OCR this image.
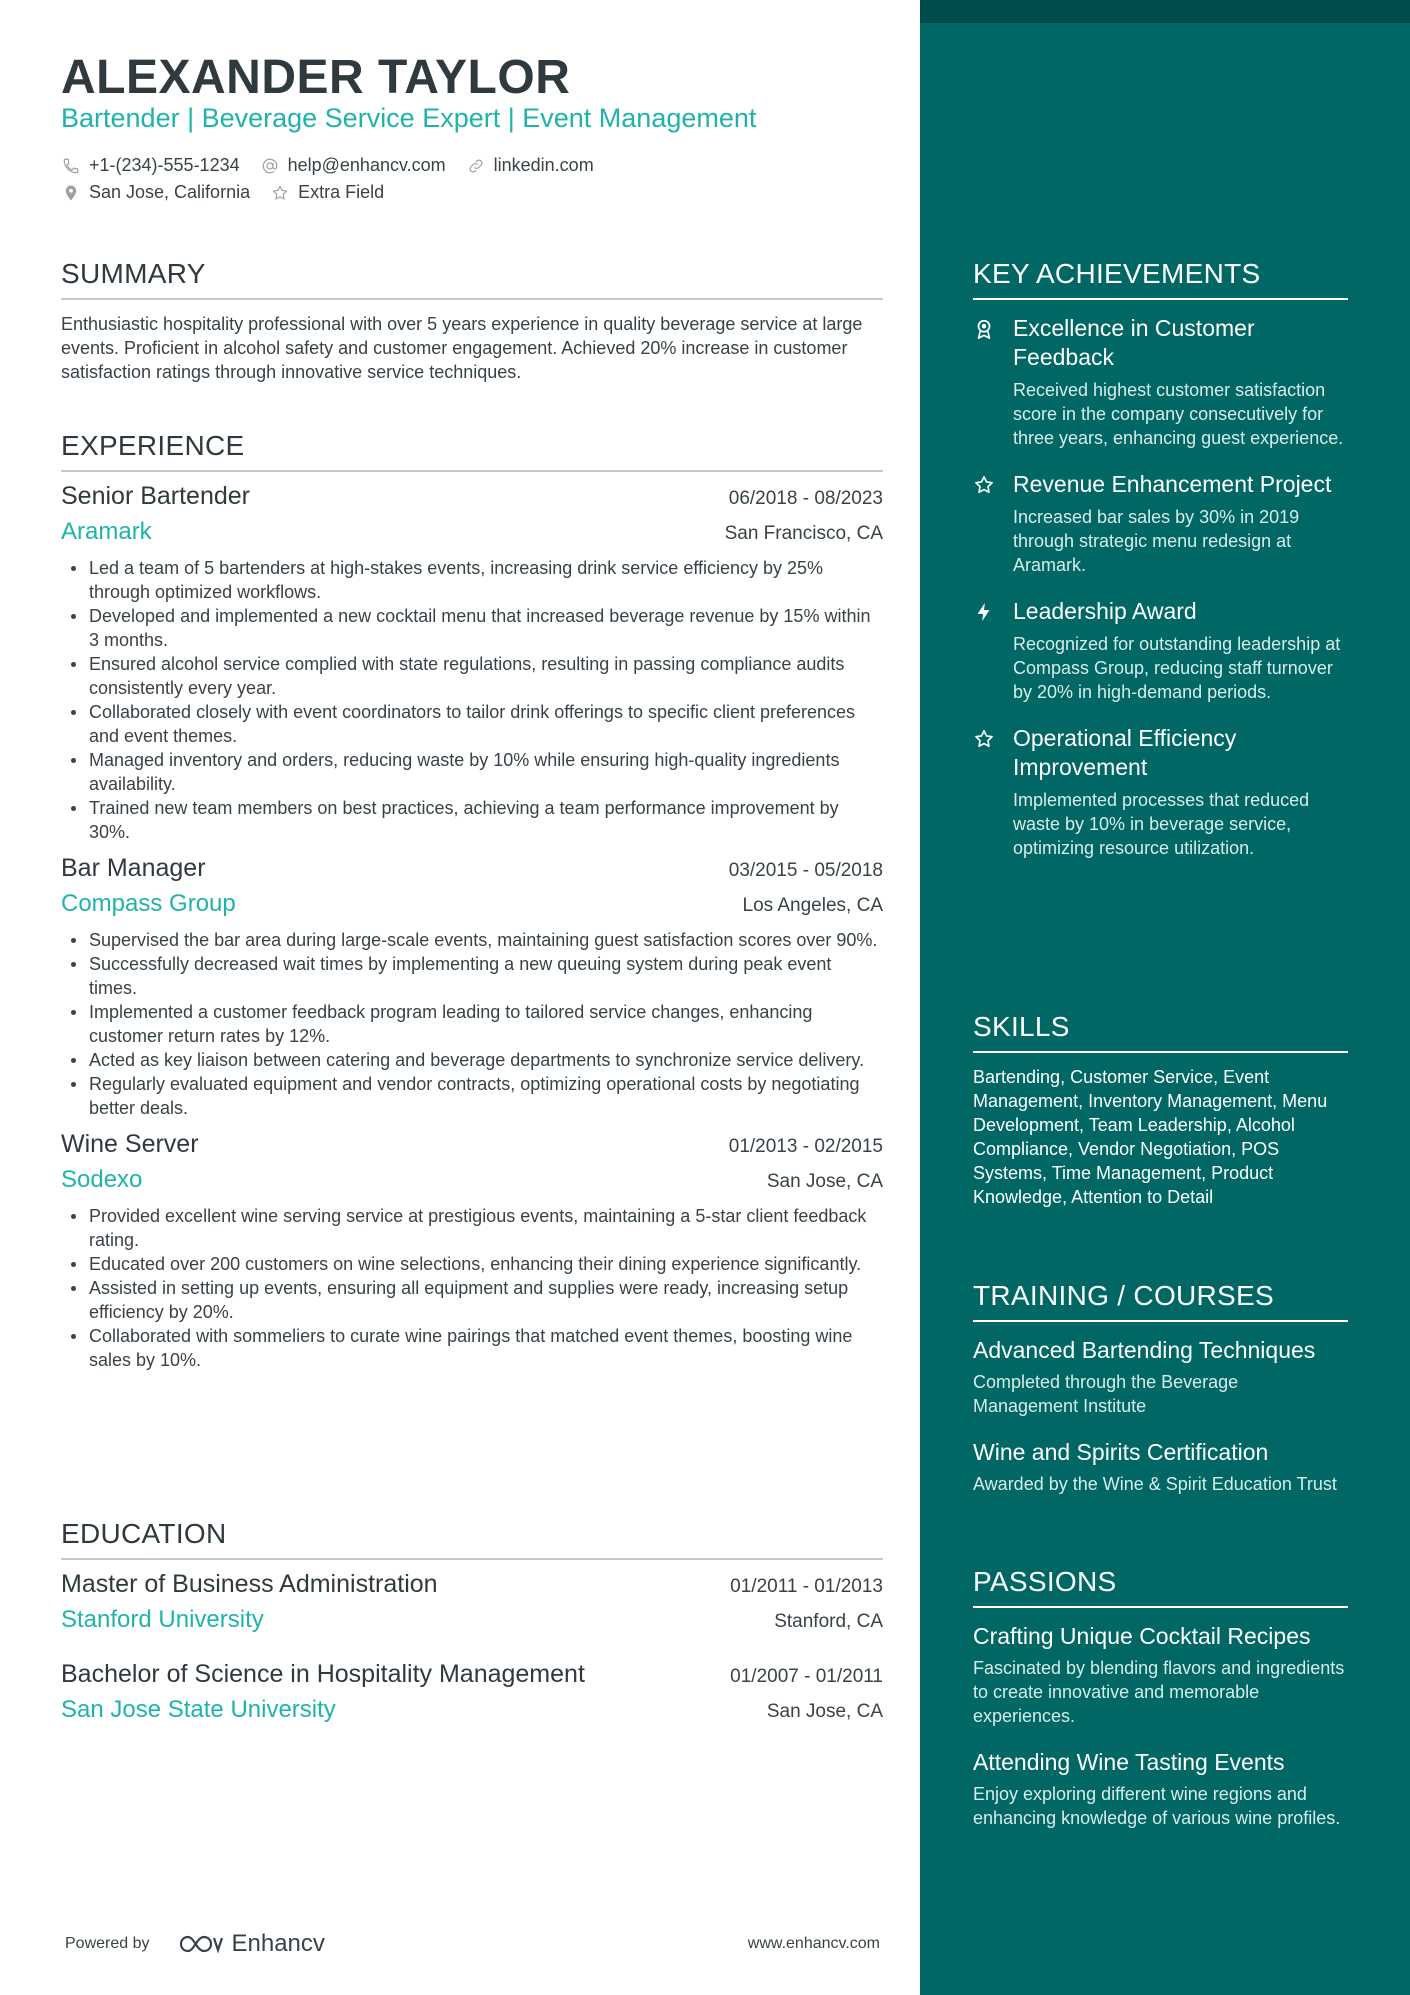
ALEXANDER TAYLOR
Bartender | Beverage Service Expert | Event Management
+1-(234)-555-1234	help@enhancv.com	linkedin.com
San Jose, California	Extra Field
SUMMARY
Enthusiastic hospitality professional with over 5 years experience in quality beverage service at large events. Proficient in alcohol safety and customer engagement. Achieved 20% increase in customer satisfaction ratings through innovative service techniques.
EXPERIENCE
Senior Bartender	06/2018 - 08/2023
Aramark	San Francisco, CA
Led a team of 5 bartenders at high-stakes events, increasing drink service efficiency by 25% through optimized workflows.
Developed and implemented a new cocktail menu that increased beverage revenue by 15% within 3 months.
Ensured alcohol service complied with state regulations, resulting in passing compliance audits consistently every year.
Collaborated closely with event coordinators to tailor drink offerings to specific client preferences and event themes.
Managed inventory and orders, reducing waste by 10% while ensuring high-quality ingredients availability.
Trained new team members on best practices, achieving a team performance improvement by 30%.
Bar Manager	03/2015 - 05/2018
Compass Group	Los Angeles, CA
Supervised the bar area during large-scale events, maintaining guest satisfaction scores over 90%.
Successfully decreased wait times by implementing a new queuing system during peak event times.
Implemented a customer feedback program leading to tailored service changes, enhancing customer return rates by 12%.
Acted as key liaison between catering and beverage departments to synchronize service delivery.
Regularly evaluated equipment and vendor contracts, optimizing operational costs by negotiating better deals.
Wine Server	01/2013 - 02/2015
Sodexo	San Jose, CA
Provided excellent wine serving service at prestigious events, maintaining a 5-star client feedback rating.
Educated over 200 customers on wine selections, enhancing their dining experience significantly.
Assisted in setting up events, ensuring all equipment and supplies were ready, increasing setup efficiency by 20%.
Collaborated with sommeliers to curate wine pairings that matched event themes, boosting wine sales by 10%.
EDUCATION
Master of Business Administration	01/2011 - 01/2013
Stanford University	Stanford, CA
Bachelor of Science in Hospitality Management	01/2007 - 01/2011
San Jose State University	San Jose, CA
Powered by	Enhancv	www.enhancv.com
KEY ACHIEVEMENTS
Excellence in Customer Feedback
Received highest customer satisfaction score in the company consecutively for three years, enhancing guest experience.
Revenue Enhancement Project
Increased bar sales by 30% in 2019 through strategic menu redesign at Aramark.
Leadership Award
Recognized for outstanding leadership at Compass Group, reducing staff turnover by 20% in high-demand periods.
Operational Efficiency Improvement
Implemented processes that reduced waste by 10% in beverage service, optimizing resource utilization.
SKILLS
Bartending, Customer Service, Event Management, Inventory Management, Menu Development, Team Leadership, Alcohol Compliance, Vendor Negotiation, POS Systems, Time Management, Product Knowledge, Attention to Detail
TRAINING / COURSES
Advanced Bartending Techniques
Completed through the Beverage Management Institute
Wine and Spirits Certification
Awarded by the Wine & Spirit Education Trust
PASSIONS
Crafting Unique Cocktail Recipes
Fascinated by blending flavors and ingredients to create innovative and memorable experiences.
Attending Wine Tasting Events
Enjoy exploring different wine regions and enhancing knowledge of various wine profiles.
